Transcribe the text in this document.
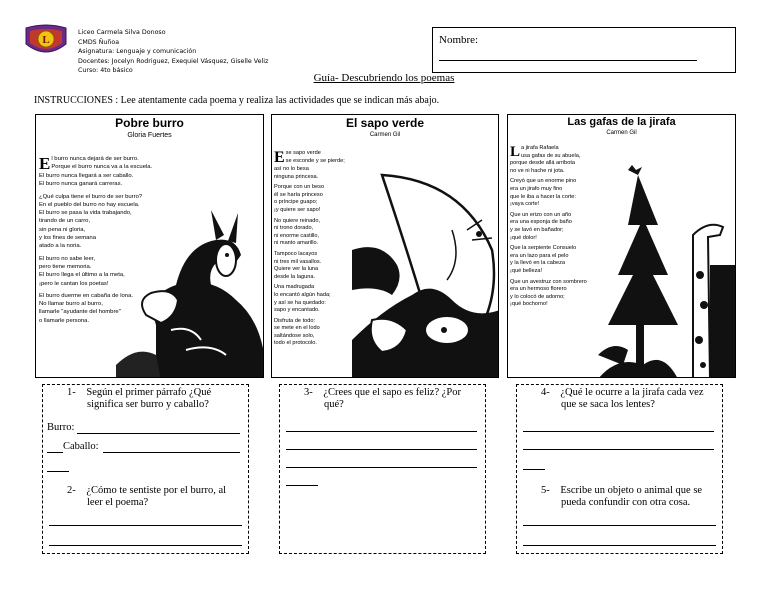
L
Liceo Carmela Silva Donoso
CMDS Ñuñoa
Asignatura: Lenguaje y comunicación
Docentes: Jocelyn Rodriguez, Exequiel Vásquez, Giselle Veliz
Curso: 4to básico
Nombre:
Guía- Descubriendo los poemas
INSTRUCCIONES : Lee atentamente cada poema y realiza las actividades que se indican más abajo.
Pobre burro
Gloria Fuertes
E l burro nunca dejará de ser burro.
Porque el burro nunca va a la escuela.
El burro nunca llegará a ser caballo.
El burro nunca ganará carreras.
¿Qué culpa tiene el burro de ser burro?
En el pueblo del burro no hay escuela.
El burro se pasa la vida trabajando,
tirando de un carro,
sin pena ni gloria,
y los fines de semana
atado a la noria.
El burro no sabe leer,
pero tiene memoria.
El burro llega el último a la meta,
¡pero le cantan los poetas!
El burro duerme en cabaña de lona.
No llamar burro al burro,
llamarle "ayudante del hombre"
o llamarle persona.
El sapo verde
Carmen Gil
E se sapo verde
se esconde y se pierde;
así no lo besa
ninguna princesa.
Porque con un beso
él se haría princeso
o príncipe guapo;
¡y quiere ser sapo!
No quiere reinado,
ni trono dorado,
ni enorme castillo,
ni manto amarillo.
Tampoco lacayos
ni tres mil vasallos.
Quiere ver la luna
desde la laguna.
Una madrugada
lo encantó algún hada;
y así se ha quedado:
sapo y encantado.
Disfruta de todo:
se mete en el lodo
saltándose solo,
todo el protocolo.
Las gafas de la jirafa
Carmen Gil
L a jirafa Rafaela
usa gafas de su abuela,
porque desde allá arribota
no ve ni hache ni jota.
Creyó que un enorme pino
era un jirafo muy fino
que le iba a hacer la corte:
¡vaya corte!
Que un erizo con un año
era una esponja de baño
y se lavó en bañador;
¡qué dolor!
Que la serpiente Consuelo
era un lazo para el pelo
y la llevó en la cabeza
¡qué belleza!
Que un avestruz con sombrero
era un hermoso florero
y lo colocó de adorno;
¡qué bochorno!
1- Según el primer párrafo ¿Qué
significa ser burro y caballo?
Burro:
Caballo:
2- ¿Cómo te sentiste por el burro, al
leer el poema?
3- ¿Crees que el sapo es feliz? ¿Por
qué?
4- ¿Qué le ocurre a la jirafa cada vez
que se saca los lentes?
5- Escribe un objeto o animal que se
pueda confundir con otra cosa.
